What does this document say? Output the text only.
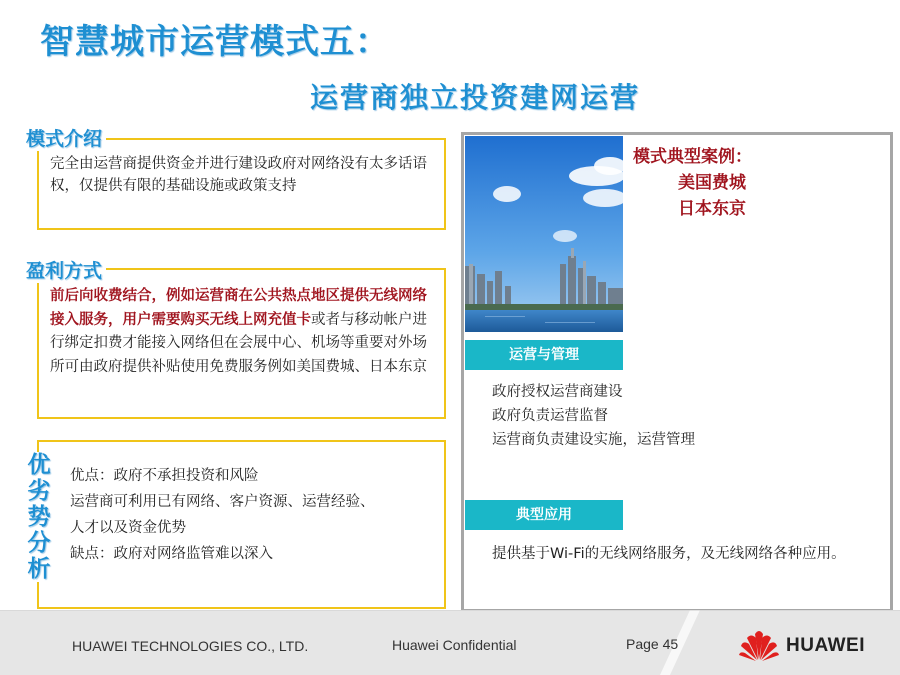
智慧城市运营模式五：
运营商独立投资建网运营
模式介绍
完全由运营商提供资金并进行建设政府对网络没有太多话语权，仅提供有限的基础设施或政策支持
盈利方式
前后向收费结合，例如运营商在公共热点地区提供无线网络接入服务，用户需要购买无线上网充值卡或者与移动帐户进行绑定扣费才能接入网络但在会展中心、机场等重要对外场所可由政府提供补贴使用免费服务例如美国费城、日本东京
优
劣
势
分
析
优点：政府不承担投资和风险
运营商可利用已有网络、客户资源、运营经验、
人才以及资金优势
缺点：政府对网络监管难以深入
模式典型案例：
美国费城
日本东京
运营与管理
政府授权运营商建设
政府负责运营监督
运营商负责建设实施，运营管理
典型应用
提供基于Wi-Fi的无线网络服务，及无线网络各种应用。
HUAWEI TECHNOLOGIES CO., LTD.	Huawei Confidential	Page 45	HUAWEI
